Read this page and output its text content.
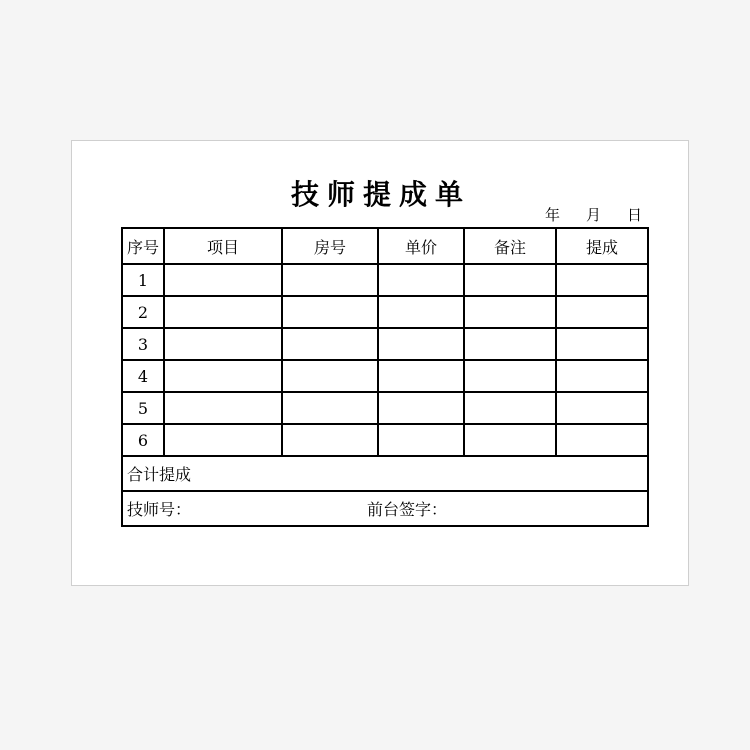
技师提成单
年 月 日
序号	项目	房号	单价	备注	提成
1					
2					
3					
4					
5					
6					
合计提成					

技师号： 前台签字：					
